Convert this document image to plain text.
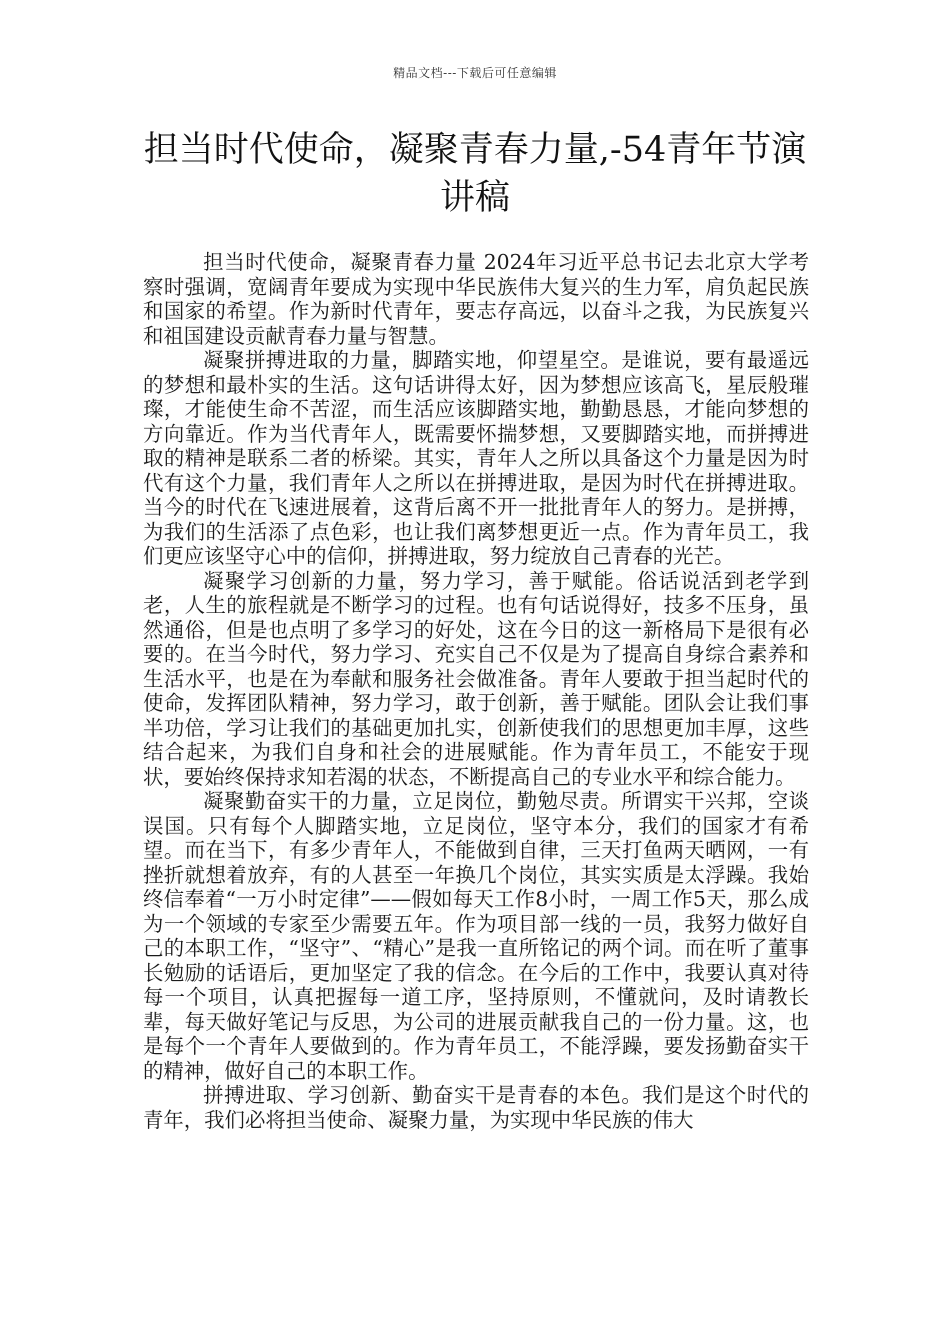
精品文档---下载后可任意编辑
担当时代使命，凝聚青春力量,-54青年节演讲稿

担当时代使命，凝聚青春力量 2024年习近平总书记去北京大学考察时强调，宽阔青年要成为实现中华民族伟大复兴的生力军，肩负起民族和国家的希望。作为新时代青年，要志存高远，以奋斗之我，为民族复兴和祖国建设贡献青春力量与智慧。

凝聚拼搏进取的力量，脚踏实地，仰望星空。是谁说，要有最遥远的梦想和最朴实的生活。这句话讲得太好，因为梦想应该高飞，星辰般璀璨，才能使生命不苦涩，而生活应该脚踏实地，勤勤恳恳，才能向梦想的方向靠近。作为当代青年人，既需要怀揣梦想，又要脚踏实地，而拼搏进取的精神是联系二者的桥梁。其实，青年人之所以具备这个力量是因为时代有这个力量，我们青年人之所以在拼搏进取，是因为时代在拼搏进取。当今的时代在飞速进展着，这背后离不开一批批青年人的努力。是拼搏，为我们的生活添了点色彩，也让我们离梦想更近一点。作为青年员工，我们更应该坚守心中的信仰，拼搏进取，努力绽放自己青春的光芒。

凝聚学习创新的力量，努力学习，善于赋能。俗话说活到老学到老，人生的旅程就是不断学习的过程。也有句话说得好，技多不压身，虽然通俗，但是也点明了多学习的好处，这在今日的这一新格局下是很有必要的。在当今时代，努力学习、充实自己不仅是为了提高自身综合素养和生活水平，也是在为奉献和服务社会做准备。青年人要敢于担当起时代的使命，发挥团队精神，努力学习，敢于创新，善于赋能。团队会让我们事半功倍，学习让我们的基础更加扎实，创新使我们的思想更加丰厚，这些结合起来，为我们自身和社会的进展赋能。作为青年员工，不能安于现状，要始终保持求知若渴的状态，不断提高自己的专业水平和综合能力。

凝聚勤奋实干的力量，立足岗位，勤勉尽责。所谓实干兴邦，空谈误国。只有每个人脚踏实地，立足岗位，坚守本分，我们的国家才有希望。而在当下，有多少青年人，不能做到自律，三天打鱼两天晒网，一有挫折就想着放弃，有的人甚至一年换几个岗位，其实实质是太浮躁。我始终信奉着“一万小时定律”——假如每天工作8小时，一周工作5天，那么成为一个领域的专家至少需要五年。作为项目部一线的一员，我努力做好自己的本职工作，“坚守”、“精心”是我一直所铭记的两个词。而在听了董事长勉励的话语后，更加坚定了我的信念。在今后的工作中，我要认真对待每一个项目，认真把握每一道工序，坚持原则，不懂就问，及时请教长辈，每天做好笔记与反思，为公司的进展贡献我自己的一份力量。这，也是每个一个青年人要做到的。作为青年员工，不能浮躁，要发扬勤奋实干的精神，做好自己的本职工作。

拼搏进取、学习创新、勤奋实干是青春的本色。我们是这个时代的青年，我们必将担当使命、凝聚力量，为实现中华民族的伟大
